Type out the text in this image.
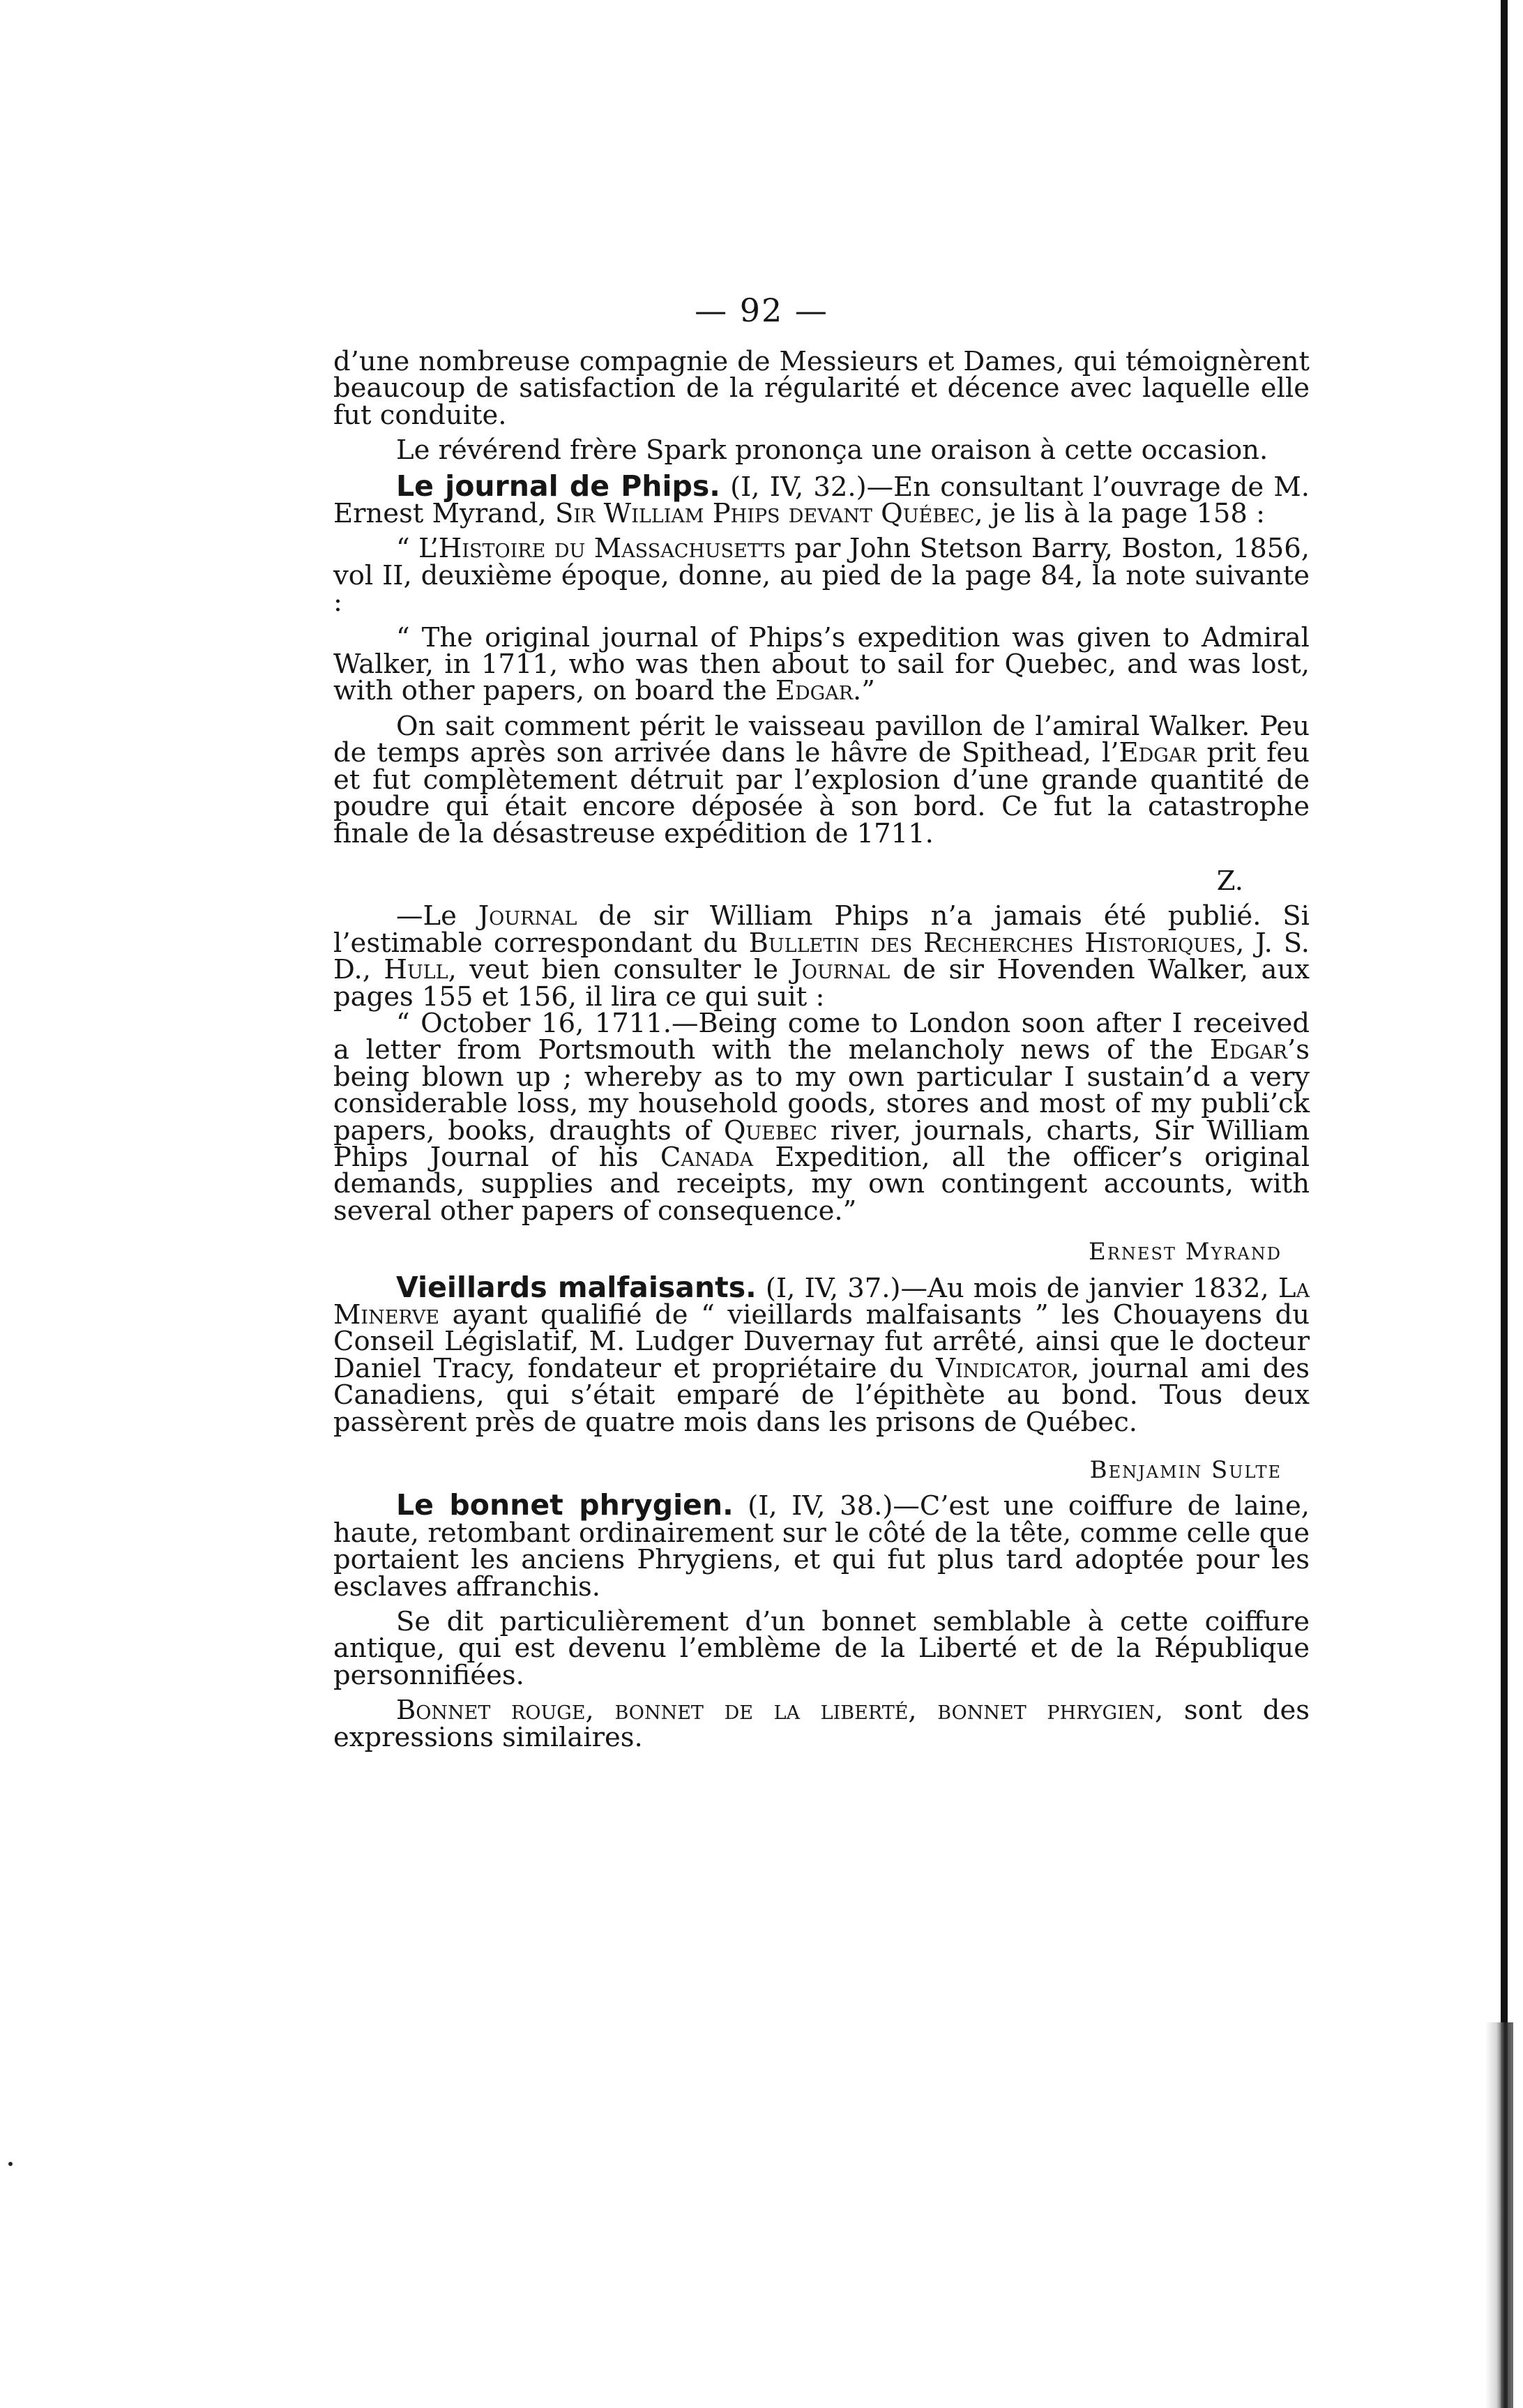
— 92 —

d’une nombreuse compagnie de Messieurs et Dames, qui témoignèrent beaucoup de satisfaction de la régularité et décence avec laquelle elle fut conduite.

Le révérend frère Spark prononça une oraison à cette occasion.

Le journal de Phips. (I, IV, 32.)—En consultant l’ouvrage de M. Ernest Myrand, Sir William Phips devant Québec, je lis à la page 158 :

“ L’Histoire du Massachusetts par John Stetson Barry, Boston, 1856, vol II, deuxième époque, donne, au pied de la page 84, la note suivante :

“ The original journal of Phips’s expedition was given to Admiral Walker, in 1711, who was then about to sail for Quebec, and was lost, with other papers, on board the Edgar.”

On sait comment périt le vaisseau pavillon de l’amiral Walker. Peu de temps après son arrivée dans le hâvre de Spithead, l’Edgar prit feu et fut complètement détruit par l’explosion d’une grande quantité de poudre qui était encore déposée à son bord. Ce fut la catastrophe finale de la désastreuse expédition de 1711.

Z.

—Le Journal de sir William Phips n’a jamais été publié. Si l’estimable correspondant du Bulletin des Recherches Historiques, J. S. D., Hull, veut bien consulter le Journal de sir Hovenden Walker, aux pages 155 et 156, il lira ce qui suit :

“ October 16, 1711.—Being come to London soon after I received a letter from Portsmouth with the melancholy news of the Edgar’s being blown up ; whereby as to my own particular I sustain’d a very considerable loss, my household goods, stores and most of my publi’ck papers, books, draughts of Quebec river, journals, charts, Sir William Phips Journal of his Canada Expedition, all the officer’s original demands, supplies and receipts, my own contingent accounts, with several other papers of consequence.”

Ernest Myrand

Vieillards malfaisants. (I, IV, 37.)—Au mois de janvier 1832, La Minerve ayant qualifié de “ vieillards malfaisants ” les Chouayens du Conseil Législatif, M. Ludger Duvernay fut arrêté, ainsi que le docteur Daniel Tracy, fondateur et propriétaire du Vindicator, journal ami des Canadiens, qui s’était emparé de l’épithète au bond. Tous deux passèrent près de quatre mois dans les prisons de Québec.

Benjamin Sulte

Le bonnet phrygien. (I, IV, 38.)—C’est une coiffure de laine, haute, retombant ordinairement sur le côté de la tête, comme celle que portaient les anciens Phrygiens, et qui fut plus tard adoptée pour les esclaves affranchis.

Se dit particulièrement d’un bonnet semblable à cette coiffure antique, qui est devenu l’emblème de la Liberté et de la République personnifiées.

Bonnet rouge, bonnet de la liberté, bonnet phrygien, sont des expressions similaires.
